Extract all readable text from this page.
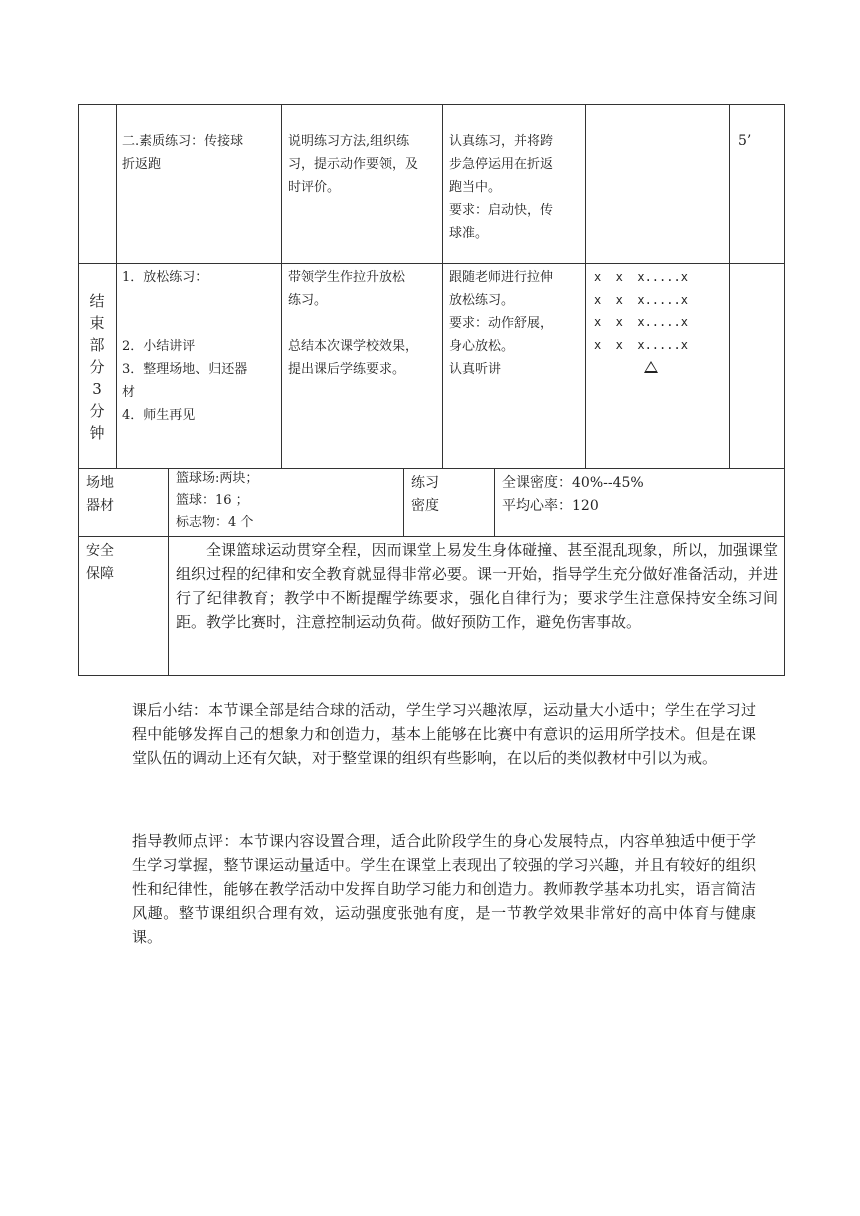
二.素质练习：传接球
折返跑
说明练习方法,组织练
习，提示动作要领，及
时评价。
认真练习，并将跨
步急停运用在折返
跑当中。
要求：启动快，传
球准。
5’
结
束
部
分
3
分
钟
1．放松练习：

2．小结讲评
3．整理场地、归还器
材
4．师生再见
带领学生作拉升放松
练习。

总结本次课学校效果，
提出课后学练要求。
跟随老师进行拉伸
放松练习。
要求：动作舒展，
身心放松。
认真听讲
x  x  x.....x
x  x  x.....x
x  x  x.....x
x  x  x.....x
场地
器材
篮球场:两块；
篮球：16 ；
标志物：4 个
练习
密度
全课密度：40%--45%
平均心率：120
安全
保障
全课篮球运动贯穿全程，因而课堂上易发生身体碰撞、甚至混乱现象，所以，加强课堂组织过程的纪律和安全教育就显得非常必要。课一开始，指导学生充分做好准备活动，并进行了纪律教育；教学中不断提醒学练要求，强化自律行为；要求学生注意保持安全练习间距。教学比赛时，注意控制运动负荷。做好预防工作，避免伤害事故。
课后小结：本节课全部是结合球的活动，学生学习兴趣浓厚，运动量大小适中；学生在学习过程中能够发挥自己的想象力和创造力，基本上能够在比赛中有意识的运用所学技术。但是在课堂队伍的调动上还有欠缺，对于整堂课的组织有些影响，在以后的类似教材中引以为戒。
指导教师点评：本节课内容设置合理，适合此阶段学生的身心发展特点，内容单独适中便于学生学习掌握，整节课运动量适中。学生在课堂上表现出了较强的学习兴趣，并且有较好的组织性和纪律性，能够在教学活动中发挥自助学习能力和创造力。教师教学基本功扎实，语言简洁风趣。整节课组织合理有效，运动强度张弛有度，是一节教学效果非常好的高中体育与健康课。
